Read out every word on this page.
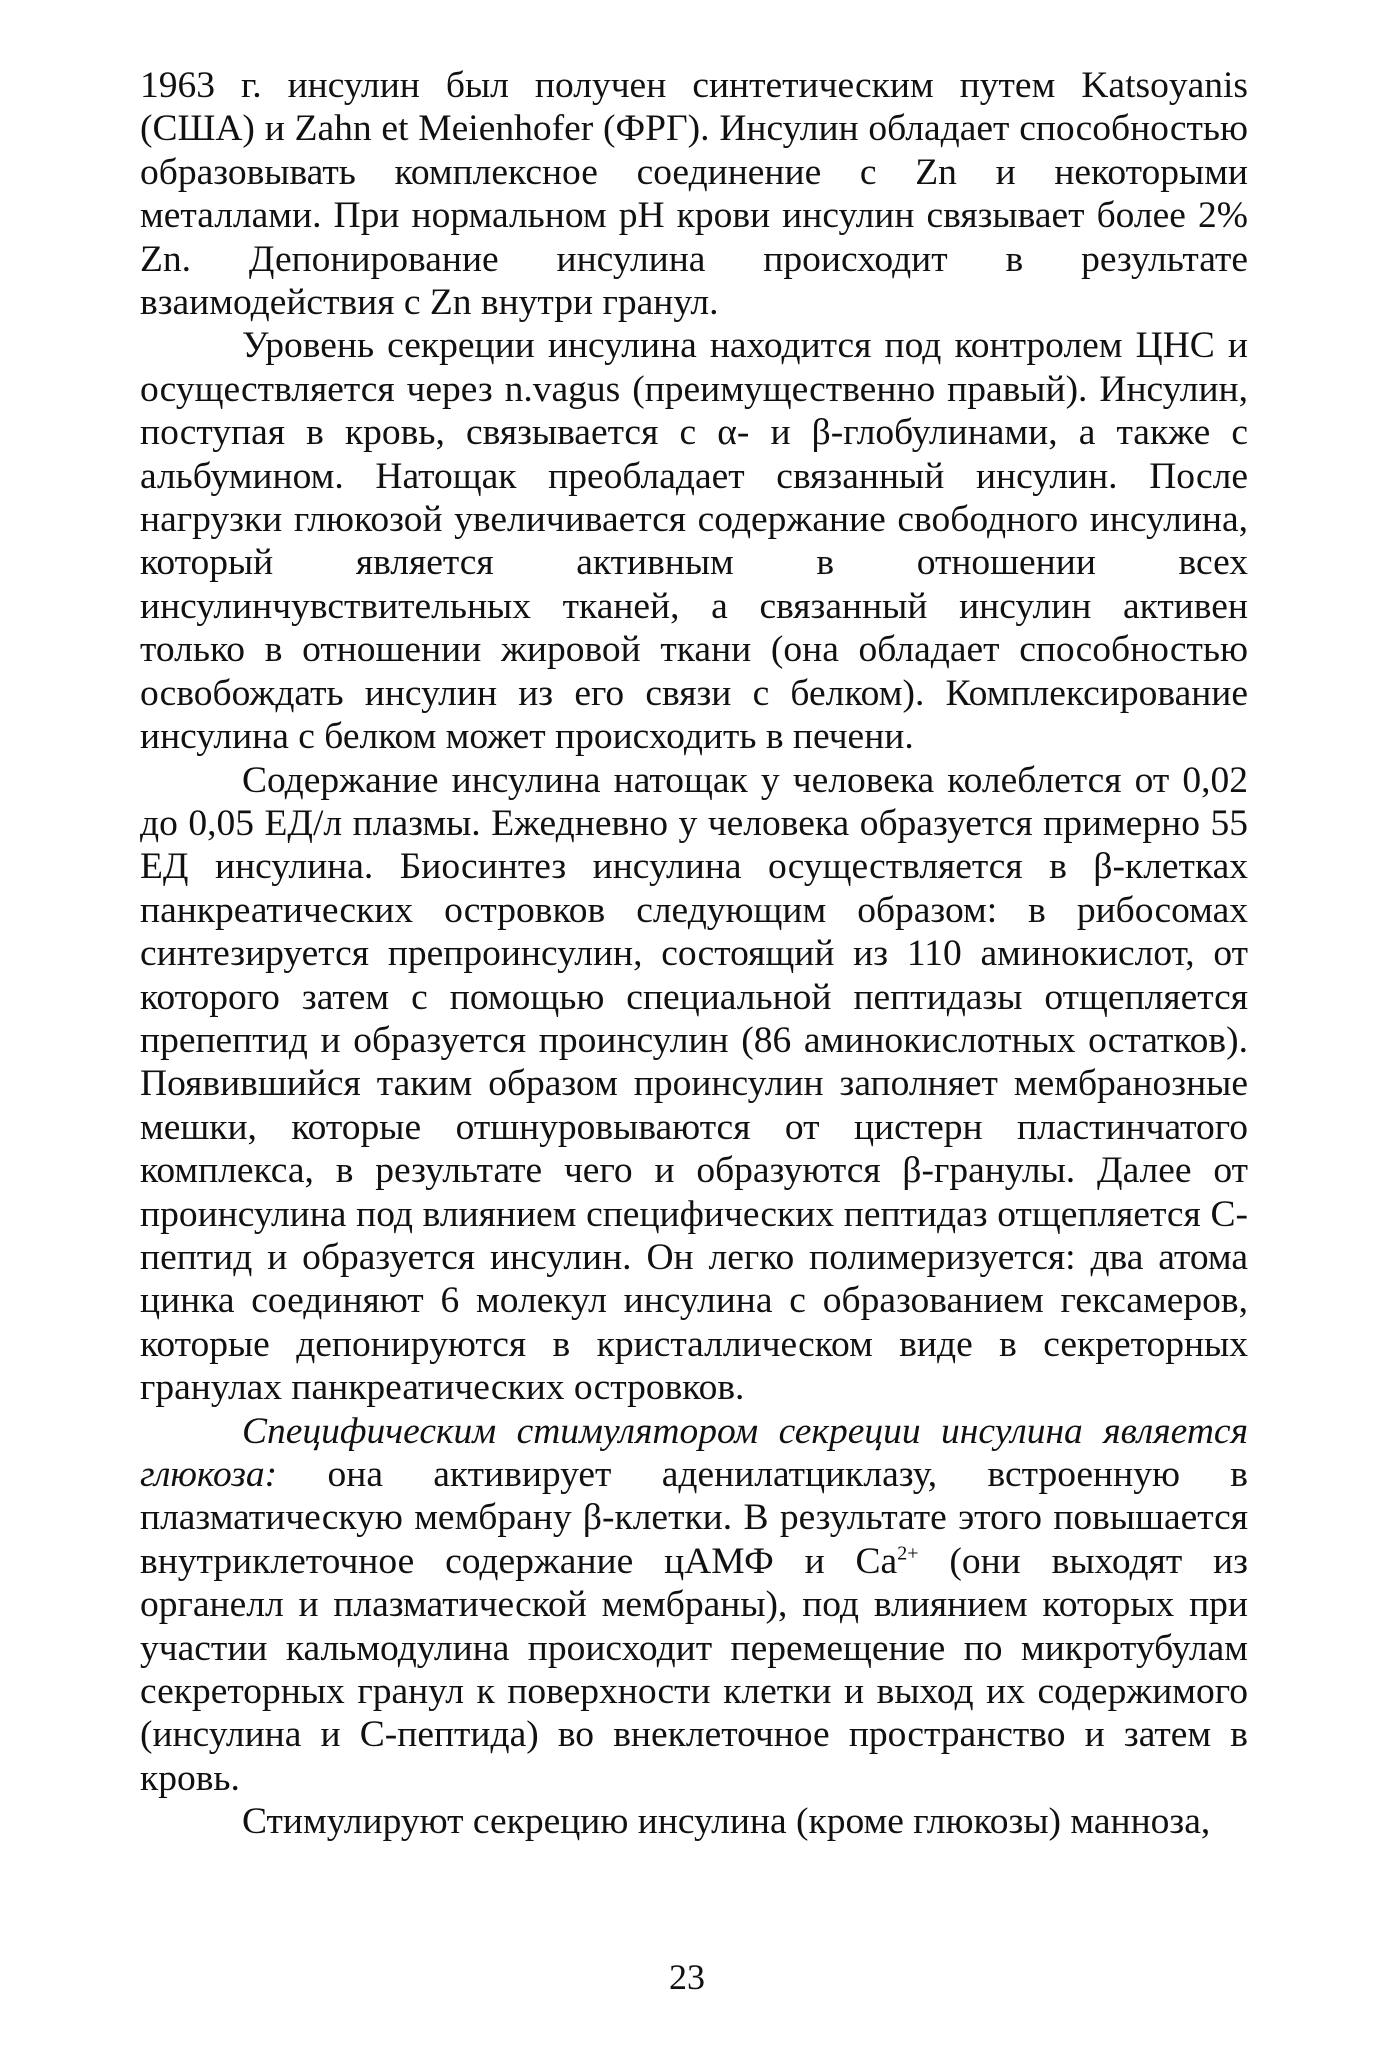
1963 г. инсулин был получен синтетическим путем Katsoyanis (США) и Zahn et Meienhofer (ФРГ). Инсулин обладает способностью образовывать комплексное соединение с Zn и некоторыми металлами. При нормальном рН крови инсулин связывает более 2% Zn. Депонирование инсулина происходит в результате взаимодействия с Zn внутри гранул.

Уровень секреции инсулина находится под контролем ЦНС и осуществляется через n.vagus (преимущественно правый). Инсулин, поступая в кровь, связывается с α- и β-глобулинами, а также с альбумином. Натощак преобладает связанный инсулин. После нагрузки глюкозой увеличивается содержание свободного инсулина, который является активным в отношении всех инсулинчувствительных тканей, а связанный инсулин активен только в отношении жировой ткани (она обладает способностью освобождать инсулин из его связи с белком). Комплексирование инсулина с белком может происходить в печени.

Содержание инсулина натощак у человека колеблется от 0,02 до 0,05 ЕД/л плазмы. Ежедневно у человека образуется примерно 55 ЕД инсулина. Биосинтез инсулина осуществляется в β-клетках панкреатических островков следующим образом: в рибосомах синтезируется препроинсулин, состоящий из 110 аминокислот, от которого затем с помощью специальной пептидазы отщепляется препептид и образуется проинсулин (86 аминокислотных остатков). Появившийся таким образом проинсулин заполняет мембранозные мешки, которые отшнуровываются от цистерн пластинчатого комплекса, в результате чего и образуются β-гранулы. Далее от проинсулина под влиянием специфических пептидаз отщепляется С-пептид и образуется инсулин. Он легко полимеризуется: два атома цинка соединяют 6 молекул инсулина с образованием гексамеров, которые депонируются в кристаллическом виде в секреторных гранулах панкреатических островков.

Специфическим стимулятором секреции инсулина является глюкоза: она активирует аденилатциклазу, встроенную в плазматическую мембрану β-клетки. В результате этого повышается внутриклеточное содержание цАМФ и $Ca^{2+}$ (они выходят из органелл и плазматической мембраны), под влиянием которых при участии кальмодулина происходит перемещение по микротубулам секреторных гранул к поверхности клетки и выход их содержимого (инсулина и С-пептида) во внеклеточное пространство и затем в кровь.

Стимулируют секрецию инсулина (кроме глюкозы) манноза,

23
